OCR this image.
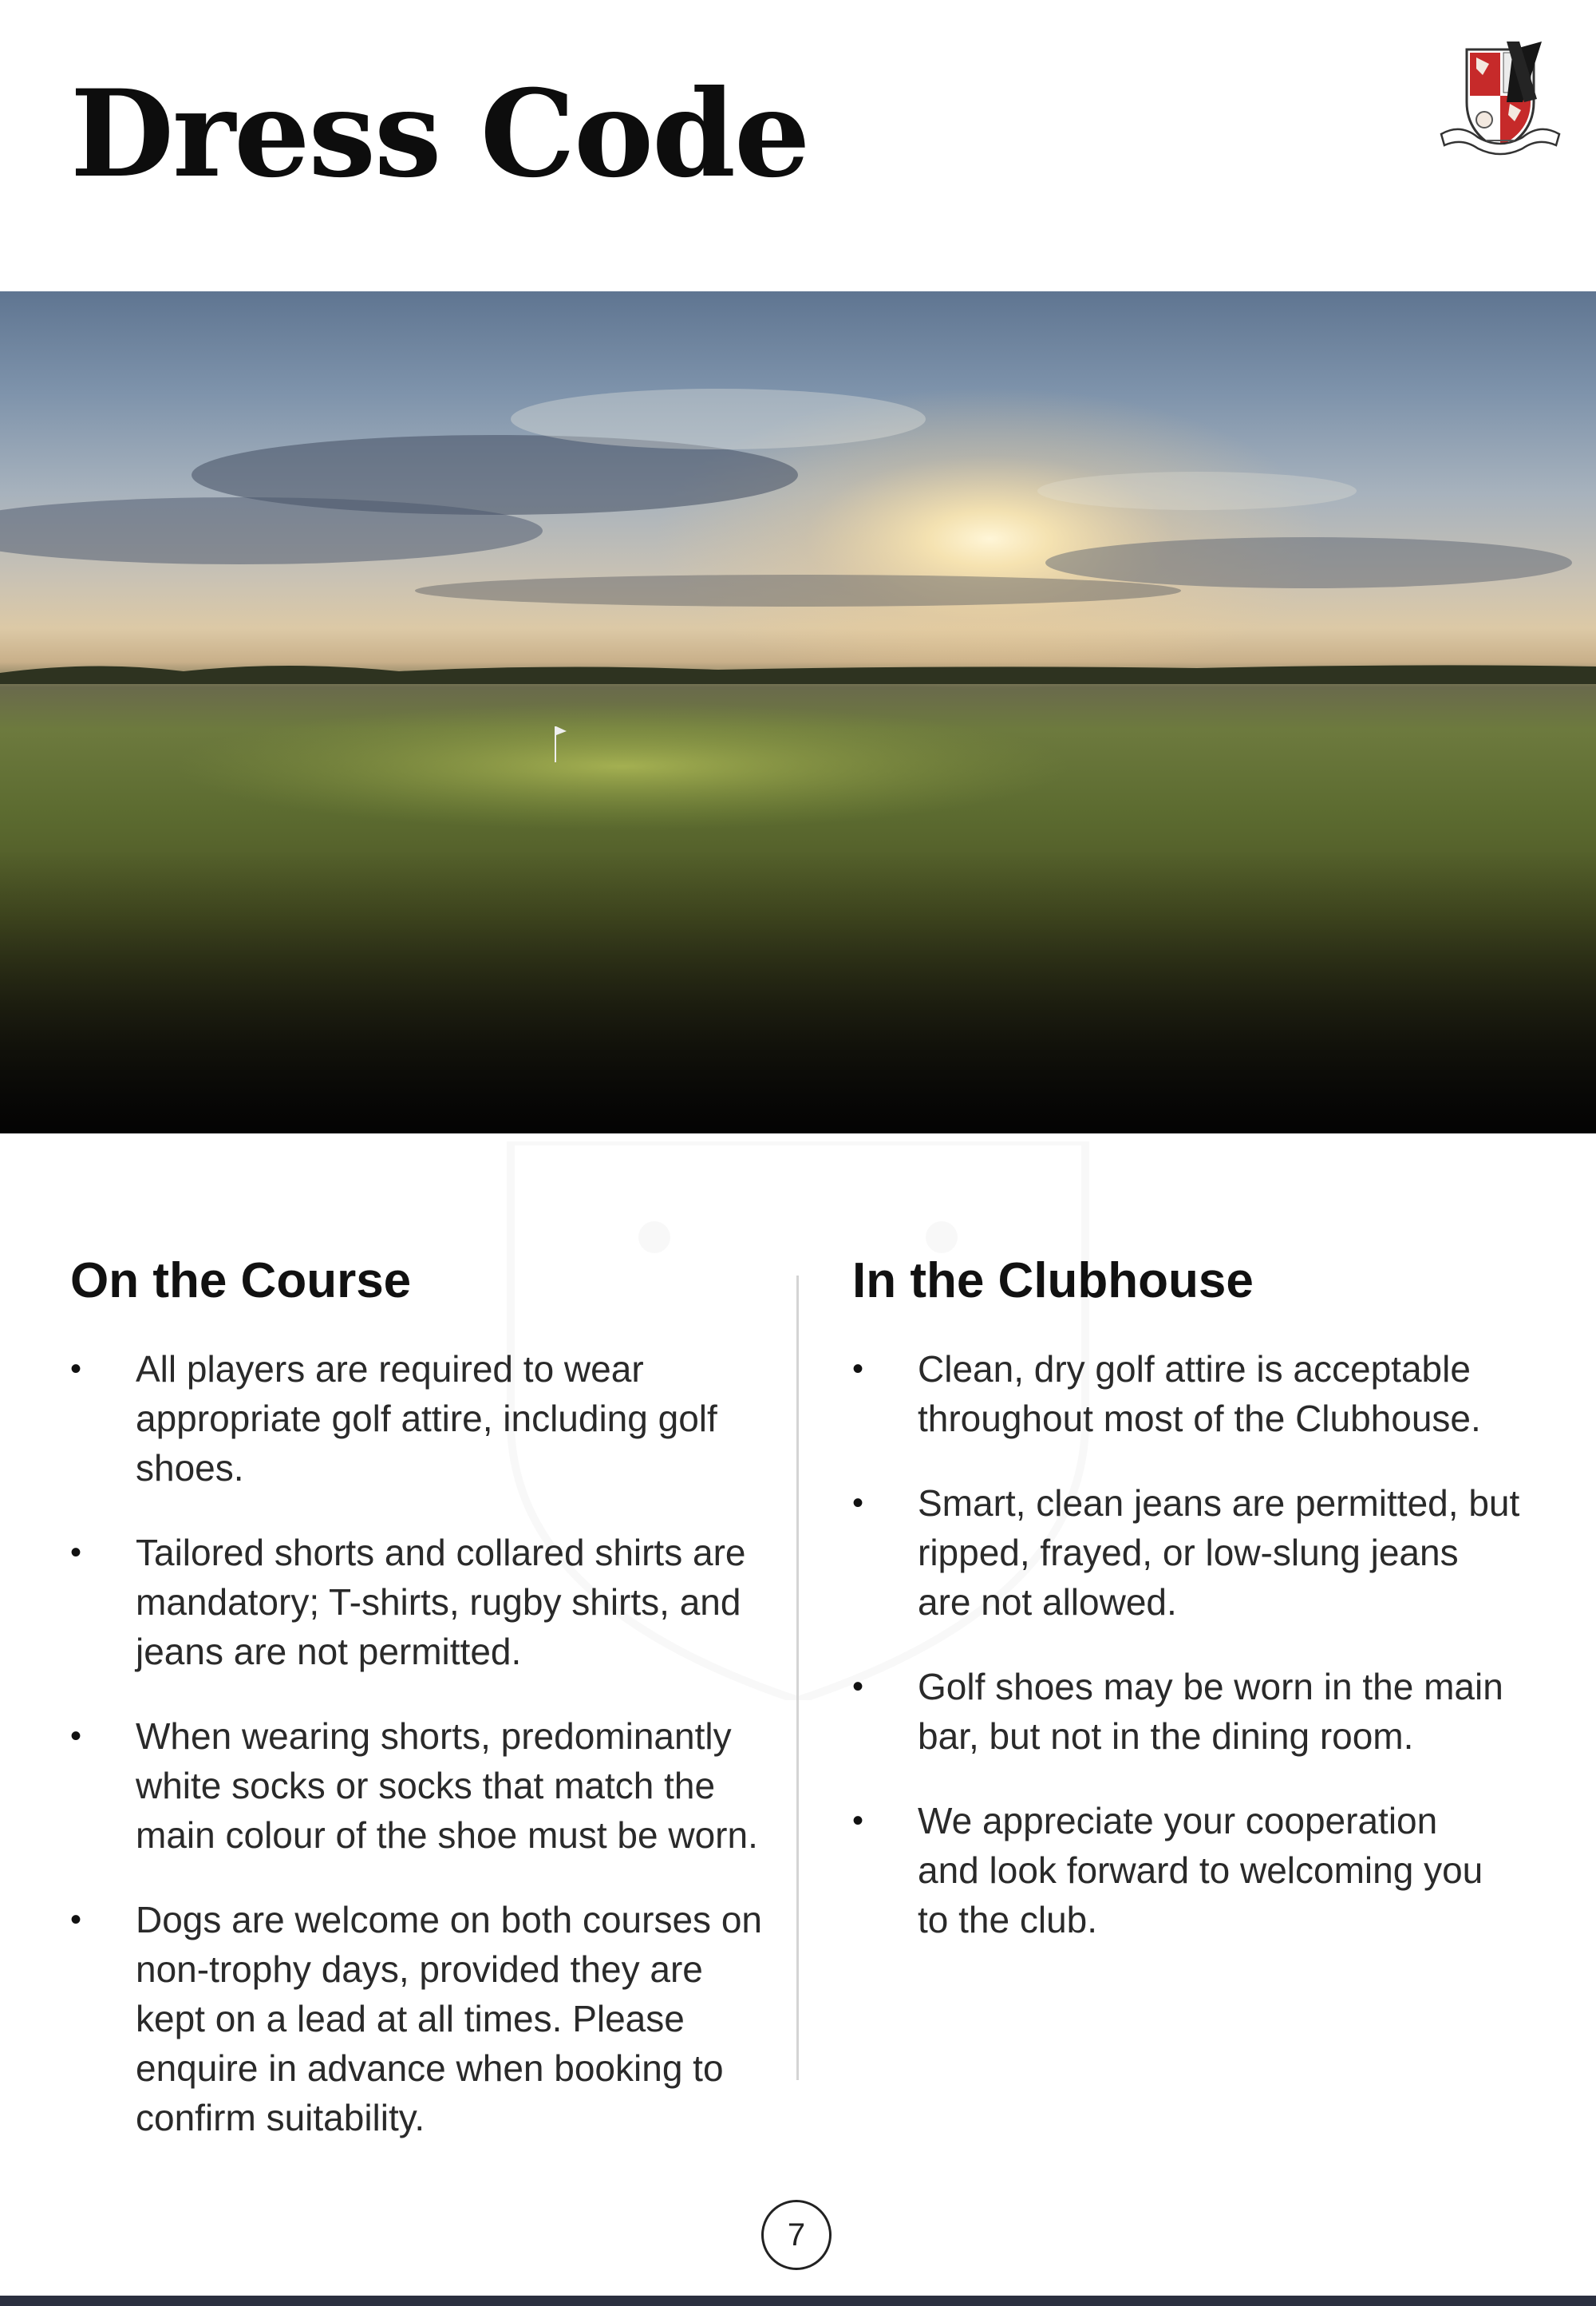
Dress Code
On the Course
• All players are required to wear
appropriate golf attire, including golf
shoes.
• Tailored shorts and collared shirts are
mandatory; T-shirts, rugby shirts, and
jeans are not permitted.
• When wearing shorts, predominantly
white socks or socks that match the
main colour of the shoe must be worn.
• Dogs are welcome on both courses on
non-trophy days, provided they are
kept on a lead at all times. Please
enquire in advance when booking to
confirm suitability.
In the Clubhouse
• Clean, dry golf attire is acceptable
throughout most of the Clubhouse.
• Smart, clean jeans are permitted, but
ripped, frayed, or low-slung jeans
are not allowed.
• Golf shoes may be worn in the main
bar, but not in the dining room.
• We appreciate your cooperation
and look forward to welcoming you
to the club.
7
